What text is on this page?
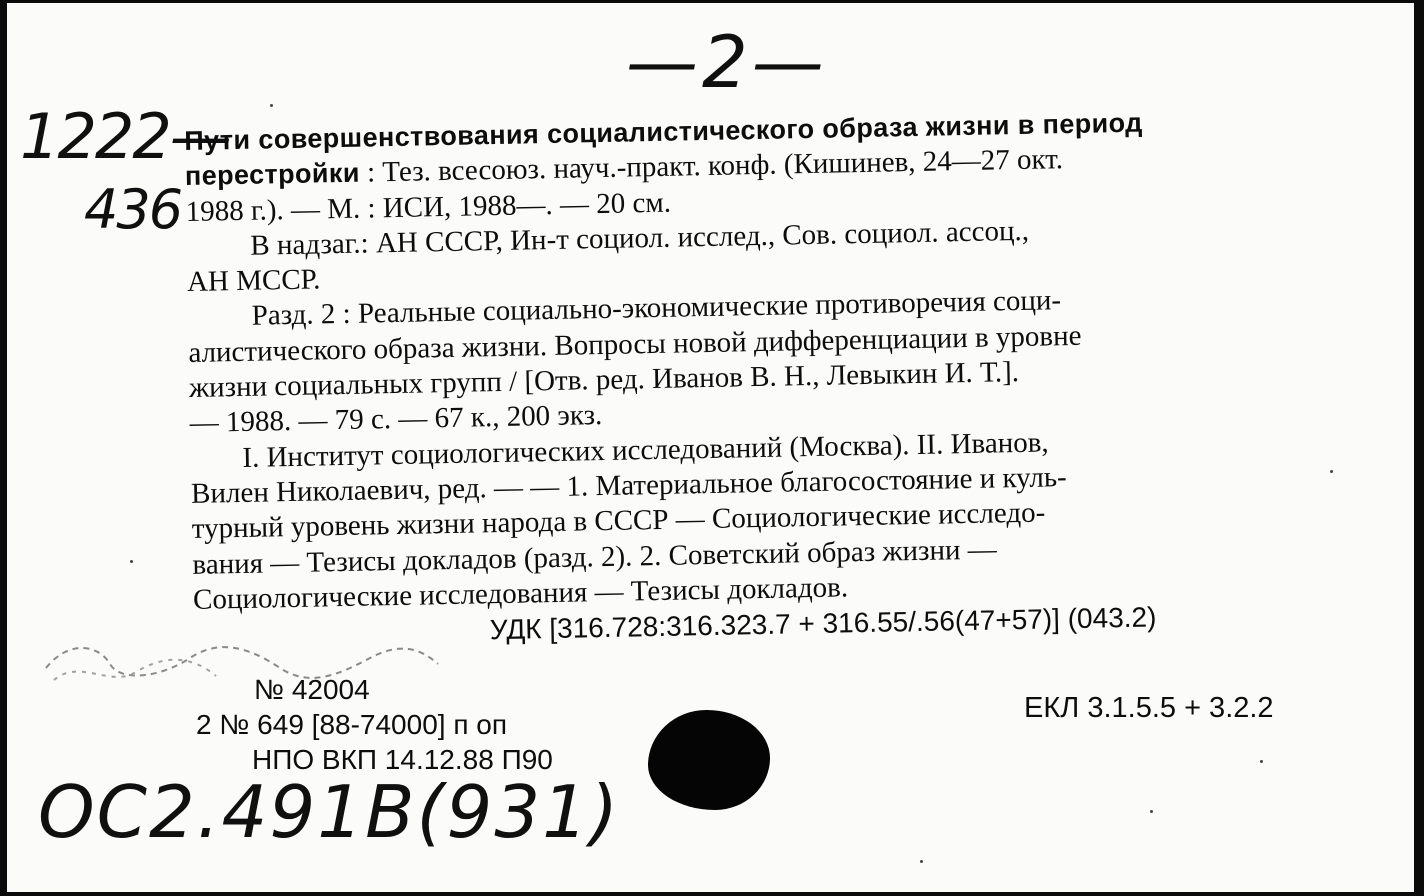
—2—
1222—
436
Пути совершенствования социалистического образа жизни в период
перестройки : Тез. всесоюз. науч.-практ. конф. (Кишинев, 24—27 окт.
1988 г.). — М. : ИСИ, 1988—. — 20 см.
В надзаг.: АН СССР, Ин-т социол. исслед., Сов. социол. ассоц.,
АН МССР.
Разд. 2 : Реальные социально-экономические противоречия соци-
алистического образа жизни. Вопросы новой дифференциации в уровне
жизни социальных групп / [Отв. ред. Иванов В. Н., Левыкин И. Т.].
— 1988. — 79 с. — 67 к., 200 экз.
I. Институт социологических исследований (Москва). II. Иванов,
Вилен Николаевич, ред. — — 1. Материальное благосостояние и куль-
турный уровень жизни народа в СССР — Социологические исследо-
вания — Тезисы докладов (разд. 2). 2. Советский образ жизни —
Социологические исследования — Тезисы докладов.
УДК [316.728:316.323.7 + 316.55/.56(47+57)] (043.2)
№ 42004
2 № 649 [88-74000] п оп
НПО ВКП 14.12.88 П90
ЕКЛ 3.1.5.5 + 3.2.2
ОС2.491В(931)
